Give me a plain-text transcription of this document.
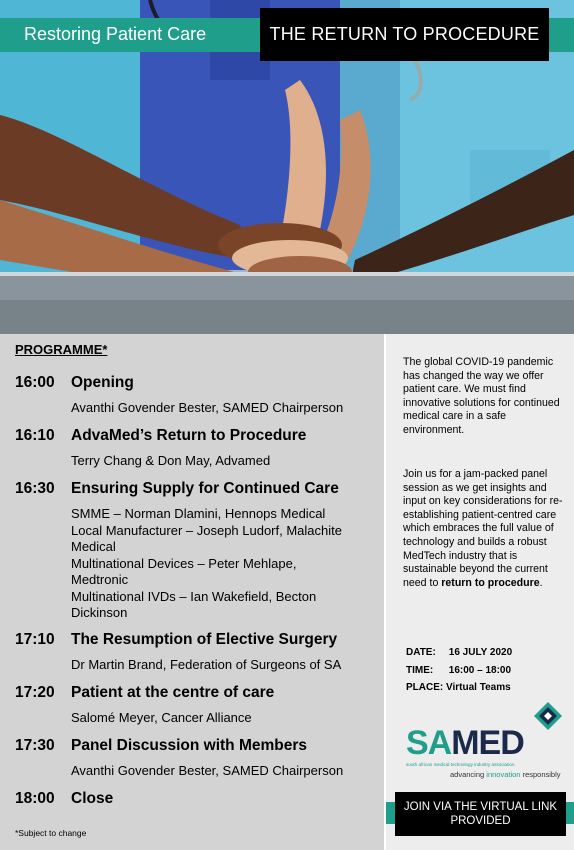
Restoring Patient Care	THE RETURN TO PROCEDURE
PROGRAMME*
16:00	Opening
Avanthi Govender Bester, SAMED Chairperson
16:10	AdvaMed’s Return to Procedure
Terry Chang & Don May, Advamed
16:30	Ensuring Supply for Continued Care
SMME – Norman Dlamini, Hennops Medical
Local Manufacturer – Joseph Ludorf, Malachite Medical
Multinational Devices – Peter Mehlape, Medtronic
Multinational IVDs – Ian Wakefield, Becton Dickinson
17:10	The Resumption of Elective Surgery
Dr Martin Brand, Federation of Surgeons of SA
17:20	Patient at the centre of care
Salomé Meyer, Cancer Alliance
17:30	Panel Discussion with Members
Avanthi Govender Bester, SAMED Chairperson
18:00	Close
*Subject to change

The global COVID-19 pandemic has changed the way we offer patient care. We must find innovative solutions for continued medical care in a safe environment.

Join us for a jam-packed panel session as we get insights and input on key considerations for re-establishing patient-centred care which embraces the full value of technology and builds a robust MedTech industry that is sustainable beyond the current need to return to procedure.

DATE: 16 JULY 2020
TIME: 16:00 – 18:00
PLACE: Virtual Teams
SAMED
south african medical technology industry association
advancing innovation responsibly
JOIN VIA THE VIRTUAL LINK PROVIDED
